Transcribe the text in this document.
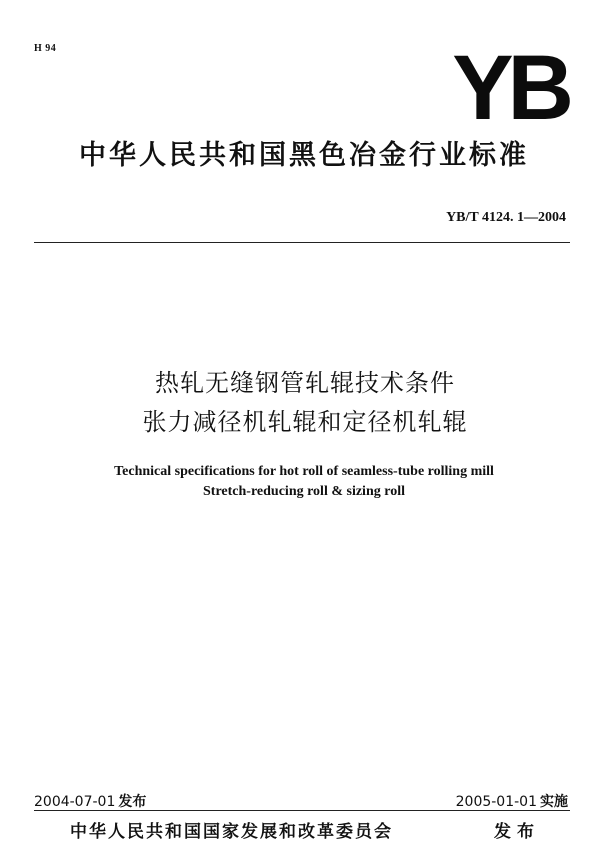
H 94	YB
中华人民共和国黑色冶金行业标准
YB/T 4124. 1—2004
热轧无缝钢管轧辊技术条件
张力减径机轧辊和定径机轧辊
Technical specifications for hot roll of seamless-tube rolling mill
Stretch-reducing roll & sizing roll
2004-07-01 发布	2005-01-01 实施
中华人民共和国国家发展和改革委员会	发布
